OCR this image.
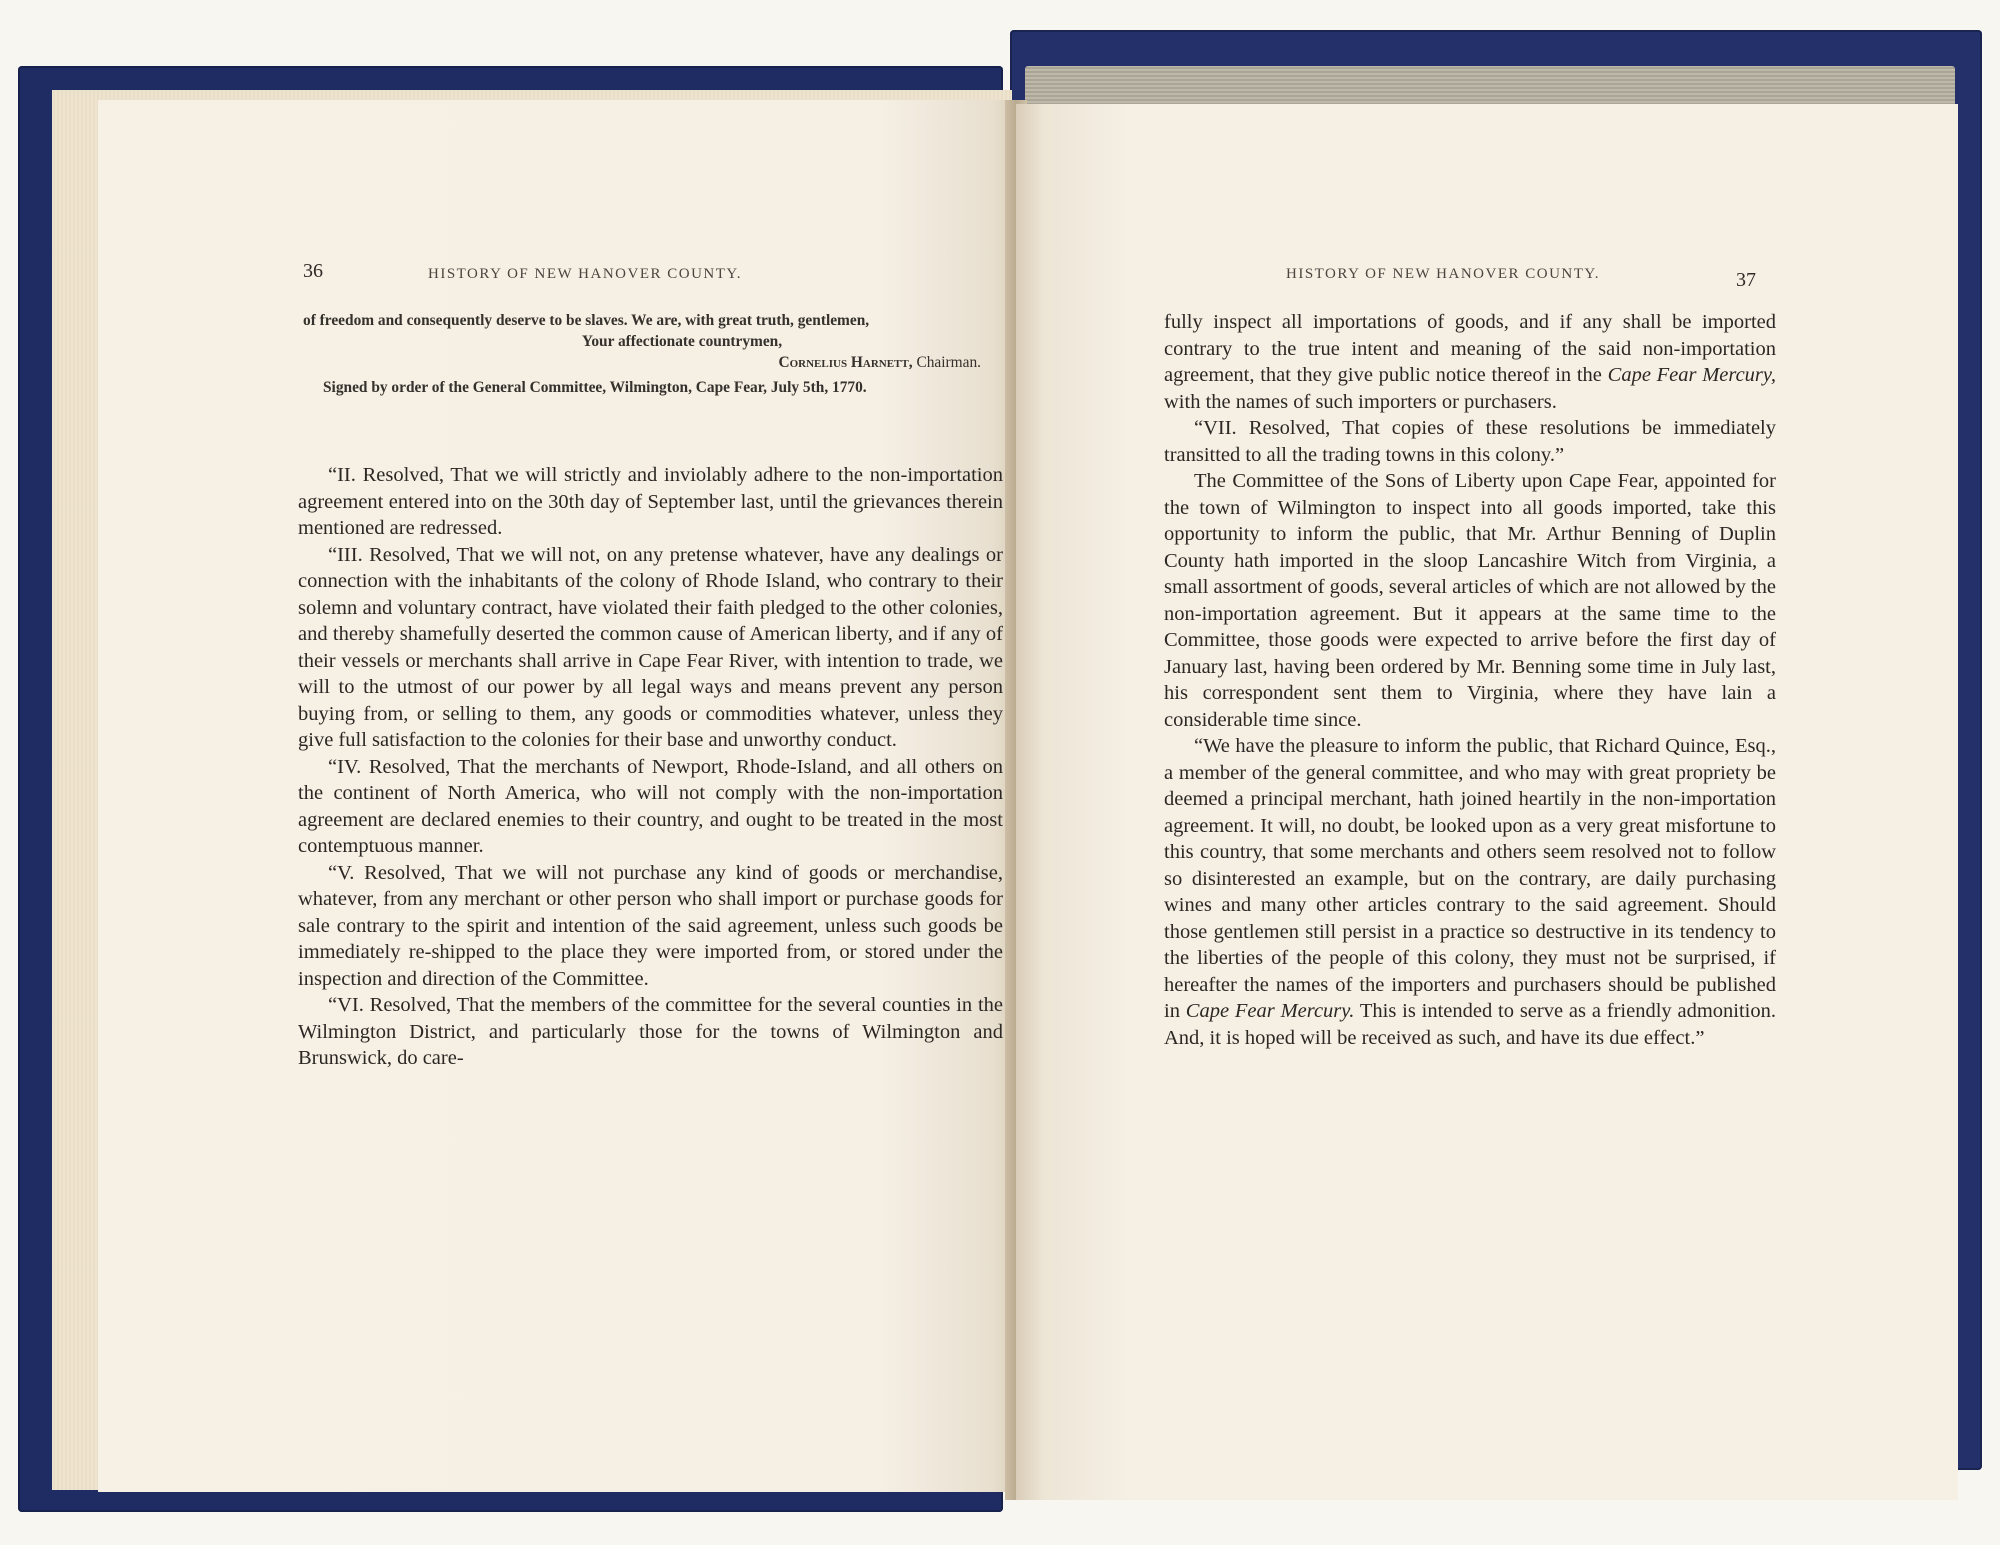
36	HISTORY OF NEW HANOVER COUNTY.

of freedom and consequently deserve to be slaves. We are, with great truth, gentlemen,

Your affectionate countrymen,

Cornelius Harnett, Chairman.

Signed by order of the General Committee, Wilmington, Cape Fear, July 5th, 1770.

“II. Resolved, That we will strictly and inviolably adhere to the non-importation agreement entered into on the 30th day of September last, until the grievances therein mentioned are redressed.

“III. Resolved, That we will not, on any pretense whatever, have any dealings or connection with the inhabitants of the colony of Rhode Island, who contrary to their solemn and voluntary contract, have violated their faith pledged to the other colonies, and thereby shamefully deserted the common cause of American liberty, and if any of their vessels or merchants shall arrive in Cape Fear River, with intention to trade, we will to the utmost of our power by all legal ways and means prevent any person buying from, or selling to them, any goods or commodities whatever, unless they give full satisfaction to the colonies for their base and unworthy conduct.

“IV. Resolved, That the merchants of Newport, Rhode-Island, and all others on the continent of North America, who will not comply with the non-importation agreement are declared enemies to their country, and ought to be treated in the most contemptuous manner.

“V. Resolved, That we will not purchase any kind of goods or merchandise, whatever, from any merchant or other person who shall import or purchase goods for sale contrary to the spirit and intention of the said agreement, unless such goods be immediately re-shipped to the place they were imported from, or stored under the inspection and direction of the Committee.

“VI. Resolved, That the members of the committee for the several counties in the Wilmington District, and particularly those for the towns of Wilmington and Brunswick, do care-

HISTORY OF NEW HANOVER COUNTY.	37

fully inspect all importations of goods, and if any shall be imported contrary to the true intent and meaning of the said non-importation agreement, that they give public notice thereof in the Cape Fear Mercury, with the names of such importers or purchasers.

“VII. Resolved, That copies of these resolutions be immediately transitted to all the trading towns in this colony.”

The Committee of the Sons of Liberty upon Cape Fear, appointed for the town of Wilmington to inspect into all goods imported, take this opportunity to inform the public, that Mr. Arthur Benning of Duplin County hath imported in the sloop Lancashire Witch from Virginia, a small assortment of goods, several articles of which are not allowed by the non-importation agreement. But it appears at the same time to the Committee, those goods were expected to arrive before the first day of January last, having been ordered by Mr. Benning some time in July last, his correspondent sent them to Virginia, where they have lain a considerable time since.

“We have the pleasure to inform the public, that Richard Quince, Esq., a member of the general committee, and who may with great propriety be deemed a principal merchant, hath joined heartily in the non-importation agreement. It will, no doubt, be looked upon as a very great misfortune to this country, that some merchants and others seem resolved not to follow so disinterested an example, but on the contrary, are daily purchasing wines and many other articles contrary to the said agreement. Should those gentlemen still persist in a practice so destructive in its tendency to the liberties of the people of this colony, they must not be surprised, if hereafter the names of the importers and purchasers should be published in Cape Fear Mercury. This is intended to serve as a friendly admonition. And, it is hoped will be received as such, and have its due effect.”
